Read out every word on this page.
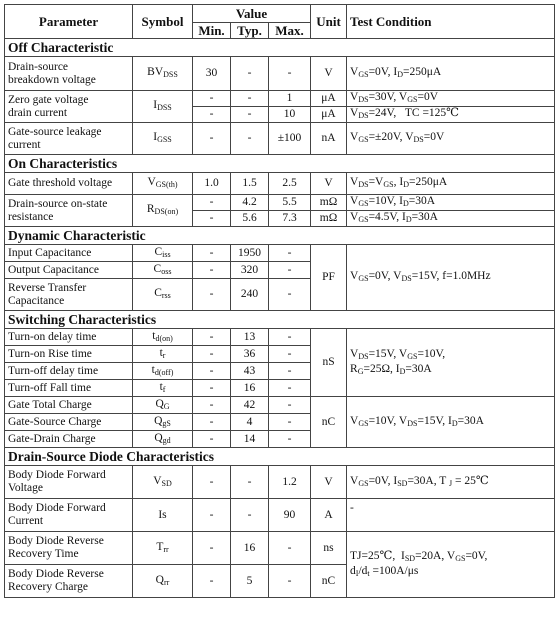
Parameter	Symbol	Value			Unit	Test Condition
		Min.	Typ.	Max.		
Off Characteristic						
Drain-source
breakdown voltage	$BV_{DSS}$	30	-	-	V	$V_{GS}=0V$, $I_D=250\mu A$
Zero gate voltage
drain current	$I_{DSS}$	-	-	1	μA	$V_{DS}=30V$, $V_{GS}=0V$
		-	-	10	μA	$V_{DS}=24V$,   TC =125℃
Gate-source leakage
current	$I_{GSS}$	-	-	±100	nA	$V_{GS}=\pm 20V$, $V_{DS}=0V$
On Characteristics						
Gate threshold voltage	$V_{GS(th)}$	1.0	1.5	2.5	V	$V_{DS}=V_{GS}$, $I_D=250\mu A$
Drain-source on-state
resistance	$R_{DS(on)}$	-	4.2	5.5	mΩ	$V_{GS}=10V$, $I_D=30A$
		-	5.6	7.3	mΩ	$V_{GS}=4.5V$, $I_D=30A$
Dynamic Characteristic						
Input Capacitance	$C_{iss}$	-	1950	-	PF	$V_{GS}=0V$, $V_{DS}=15V$, f=1.0MHz
Output Capacitance	$C_{oss}$	-	320	-		
Reverse Transfer
Capacitance	$C_{rss}$	-	240	-		
Switching Characteristics						
Turn-on delay time	$t_{d(on)}$	-	13	-	nS	$V_{DS}=15V$, $V_{GS}=10V$,
$R_G=25\Omega$, $I_D=30A$
Turn-on Rise time	$t_r$	-	36	-		
Turn-off delay time	$t_{d(off)}$	-	43	-		
Turn-off Fall time	$t_f$	-	16	-		
Gate Total Charge	$Q_G$	-	42	-	nC	$V_{GS}=10V$, $V_{DS}=15V$, $I_D=30A$
Gate-Source Charge	$Q_{gS}$	-	4	-		
Gate-Drain Charge	$Q_{gd}$	-	14	-		
Drain-Source Diode Characteristics						
Body Diode Forward
Voltage	$V_{SD}$	-	-	1.2	V	$V_{GS}=0V$, $I_{SD}=30A$, T $_J$ = 25℃
Body Diode Forward
Current	Is	-	-	90	A	-
Body Diode Reverse
Recovery Time	$T_{rr}$	-	16	-	ns	TJ=25℃,  $I_{SD}=20A$, $V_{GS}=0V$,
$d_I/d_t =100A/\mu s$
Body Diode Reverse
Recovery Charge	$Q_{rr}$	-	5	-	nC	
